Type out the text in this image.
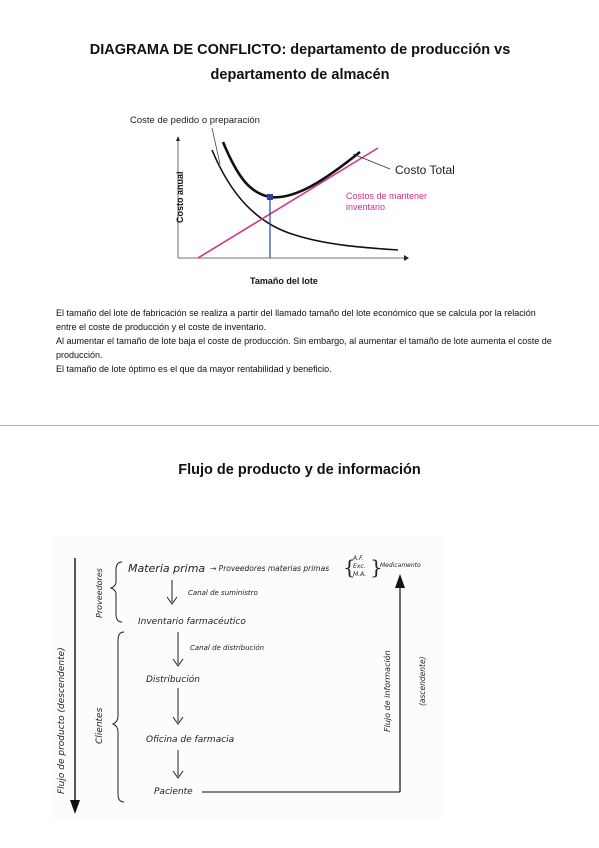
DIAGRAMA DE CONFLICTO: departamento de producción vs
departamento de almacén
Coste de pedido o preparación
Costo Total
Costos de mantener
inventario
Costo anual
Tamaño del lote

El tamaño del lote de fabricación se realiza a partir del llamado tamaño del lote económico que se calcula por la relación entre el coste de producción y el coste de inventario.

Al aumentar el tamaño de lote baja el coste de producción. Sin embargo, al aumentar el tamaño de lote aumenta el coste de producción.

El tamaño de lote óptimo es el que da mayor rentabilidad y beneficio.

Flujo de producto y de información
Flujo de producto (descendente)
Proveedores
Clientes
Materia prima → Proveedores materias primas {
A.F.
Exc.
M.A. }
Medicamento
Canal de suministro
Inventario farmacéutico
Canal de distribución
Distribución
Oficina de farmacia
Paciente
Flujo de información	(ascendente)
